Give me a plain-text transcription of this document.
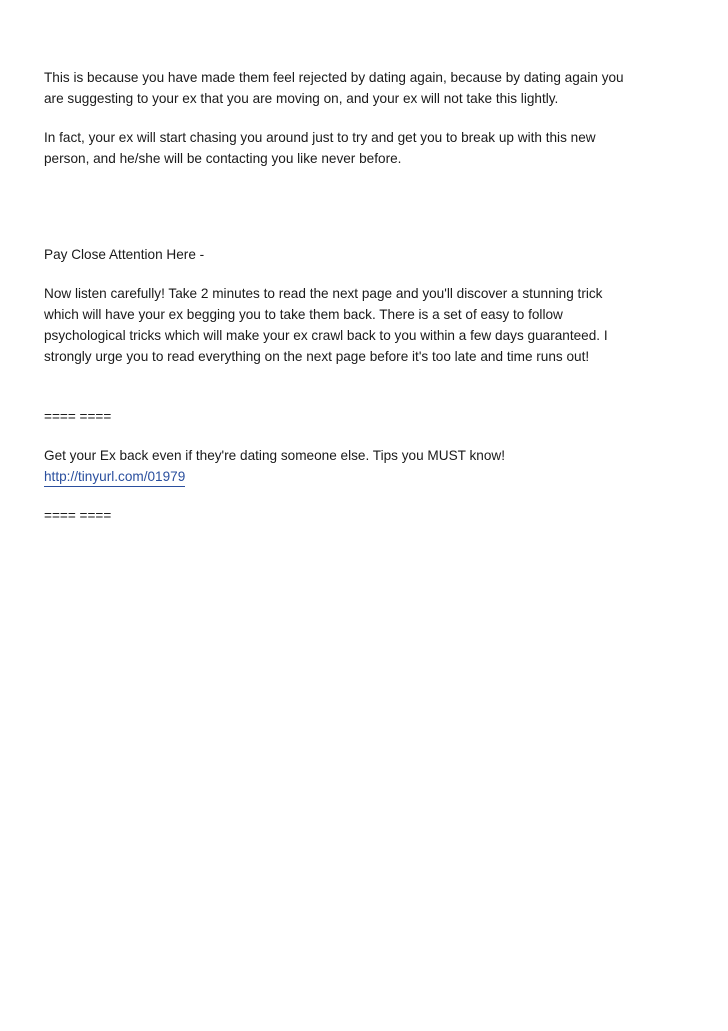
This is because you have made them feel rejected by dating again, because by dating again you
are suggesting to your ex that you are moving on, and your ex will not take this lightly.

In fact, your ex will start chasing you around just to try and get you to break up with this new
person, and he/she will be contacting you like never before.

Pay Close Attention Here -

Now listen carefully! Take 2 minutes to read the next page and you'll discover a stunning trick
which will have your ex begging you to take them back. There is a set of easy to follow
psychological tricks which will make your ex crawl back to you within a few days guaranteed. I
strongly urge you to read everything on the next page before it's too late and time runs out!

==== ====

Get your Ex back even if they're dating someone else. Tips you MUST know!

http://tinyurl.com/01979

==== ====
